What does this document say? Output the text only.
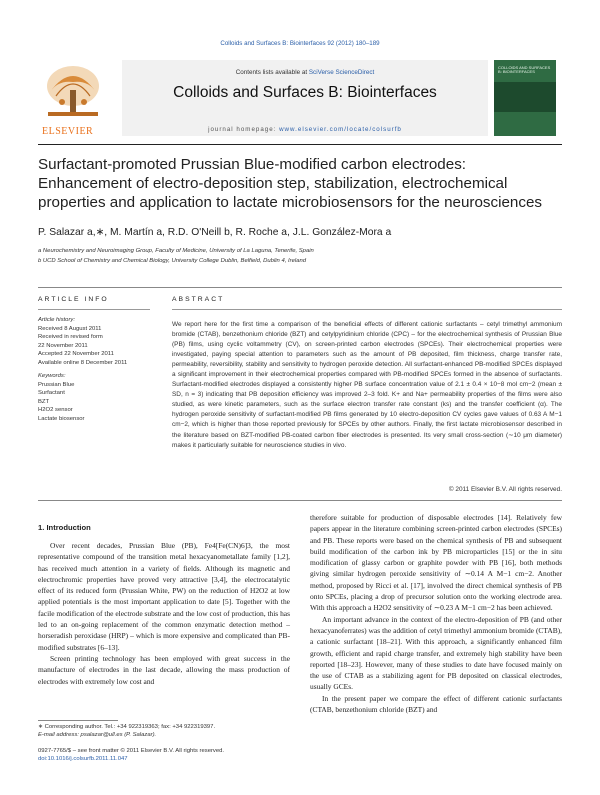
Colloids and Surfaces B: Biointerfaces 92 (2012) 180–189
ELSEVIER
Contents lists available at SciVerse ScienceDirect
Colloids and Surfaces B: Biointerfaces
journal homepage: www.elsevier.com/locate/colsurfb
COLLOIDS AND SURFACES B: BIOINTERFACES
Surfactant-promoted Prussian Blue-modified carbon electrodes: Enhancement of electro-deposition step, stabilization, electrochemical properties and application to lactate microbiosensors for the neurosciences
P. Salazar a,∗, M. Martín a, R.D. O'Neill b, R. Roche a, J.L. González-Mora a
a Neurochemistry and Neuroimaging Group, Faculty of Medicine, University of La Laguna, Tenerife, Spain
b UCD School of Chemistry and Chemical Biology, University College Dublin, Belfield, Dublin 4, Ireland
ARTICLE INFO	ABSTRACT
Article history:
Received 8 August 2011
Received in revised form
22 November 2011
Accepted 22 November 2011
Available online 8 December 2011
Keywords:
Prussian Blue
Surfactant
BZT
H2O2 sensor
Lactate biosensor
We report here for the first time a comparison of the beneficial effects of different cationic surfactants – cetyl trimethyl ammonium bromide (CTAB), benzethonium chloride (BZT) and cetylpyridinium chloride (CPC) – for the electrochemical synthesis of Prussian Blue (PB) films, using cyclic voltammetry (CV), on screen-printed carbon electrodes (SPCEs). Their electrochemical properties were investigated, paying special attention to parameters such as the amount of PB deposited, film thickness, charge transfer rate, permeability, reversibility, stability and sensitivity to hydrogen peroxide detection. All surfactant-enhanced PB-modified SPCEs displayed a significant improvement in their electrochemical properties compared with PB-modified SPCEs formed in the absence of surfactants. Surfactant-modified electrodes displayed a consistently higher PB surface concentration value of 2.1 ± 0.4 × 10−8 mol cm−2 (mean ± SD, n = 3) indicating that PB deposition efficiency was improved 2–3 fold. K+ and Na+ permeability properties of the films were also studied, as were kinetic parameters, such as the surface electron transfer rate constant (ks) and the transfer coefficient (α). The hydrogen peroxide sensitivity of surfactant-modified PB films generated by 10 electro-deposition CV cycles gave values of 0.63 A M−1 cm−2, which is higher than those reported previously for SPCEs by other authors. Finally, the first lactate microbiosensor described in the literature based on BZT-modified PB-coated carbon fiber electrodes is presented. Its very small cross-section (∼10 μm diameter) makes it particularly suitable for neuroscience studies in vivo.
© 2011 Elsevier B.V. All rights reserved.
1. Introduction

Over recent decades, Prussian Blue (PB), Fe4[Fe(CN)6]3, the most representative compound of the transition metal hexacyanometallate family [1,2], has received much attention in a variety of fields. Although its magnetic and electrochromic properties have proved very attractive [3,4], the electrocatalytic effect of its reduced form (Prussian White, PW) on the reduction of H2O2 at low applied potentials is the most important application to date [5]. Together with the facile modification of the electrode substrate and the low cost of production, this has led to an on-going replacement of the common enzymatic detection method – horseradish peroxidase (HRP) – which is more expensive and complicated than PB-modified substrates [6–13].

Screen printing technology has been employed with great success in the manufacture of electrodes in the last decade, allowing the mass production of electrodes with extremely low cost and

∗ Corresponding author. Tel.: +34 922319363; fax: +34 922319397.
E-mail address: psalazar@ull.es (P. Salazar).
0927-7765/$ – see front matter © 2011 Elsevier B.V. All rights reserved.
doi:10.1016/j.colsurfb.2011.11.047

therefore suitable for production of disposable electrodes [14]. Relatively few papers appear in the literature combining screen-printed carbon electrodes (SPCEs) and PB. These reports were based on the chemical synthesis of PB and subsequent build modification of the carbon ink by PB microparticles [15] or the in situ modification of glassy carbon or graphite powder with PB [16], both methods giving similar hydrogen peroxide sensitivity of ∼0.14 A M−1 cm−2. Another method, proposed by Ricci et al. [17], involved the direct chemical synthesis of PB onto SPCEs, placing a drop of precursor solution onto the working electrode area. With this approach a H2O2 sensitivity of ∼0.23 A M−1 cm−2 has been achieved.

An important advance in the context of the electro-deposition of PB (and other hexacyanoferrates) was the addition of cetyl trimethyl ammonium bromide (CTAB), a cationic surfactant [18–21]. With this approach, a significantly enhanced film growth, efficient and rapid charge transfer, and extremely high stability have been reported [18–23]. However, many of these studies to date have focused mainly on the use of CTAB as a stabilizing agent for PB deposited on classical electrodes, usually GCEs.

In the present paper we compare the effect of different cationic surfactants (CTAB, benzethonium chloride (BZT) and
